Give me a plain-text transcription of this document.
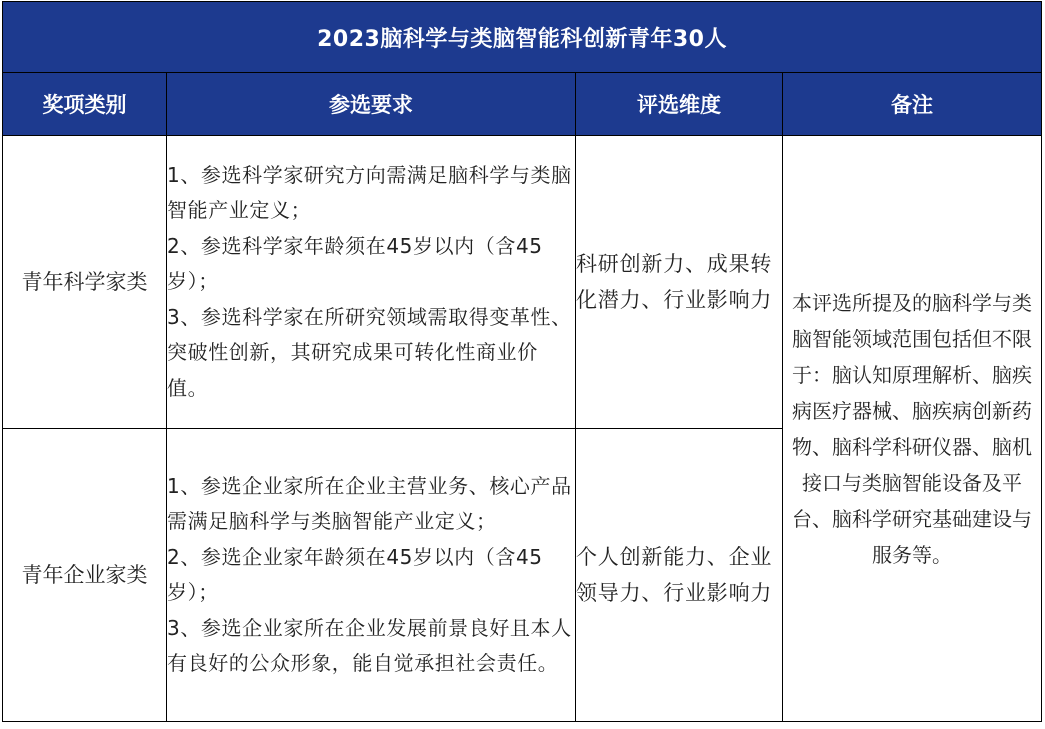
2023脑科学与类脑智能科创新青年30人			
奖项类别	参选要求	评选维度	备注
青年科学家类	1、参选科学家研究方向需满足脑科学与类脑智能产业定义；
2、参选科学家年龄须在45岁以内（含45岁）；
3、参选科学家在所研究领域需取得变革性、突破性创新，其研究成果可转化性商业价值。	科研创新力、成果转化潜力、行业影响力	本评选所提及的脑科学与类脑智能领域范围包括但不限于：脑认知原理解析、脑疾病医疗器械、脑疾病创新药物、脑科学科研仪器、脑机接口与类脑智能设备及平台、脑科学研究基础建设与服务等。
青年企业家类	1、参选企业家所在企业主营业务、核心产品需满足脑科学与类脑智能产业定义；
2、参选企业家年龄须在45岁以内（含45岁）；
3、参选企业家所在企业发展前景良好且本人有良好的公众形象，能自觉承担社会责任。	个人创新能力、企业领导力、行业影响力	
